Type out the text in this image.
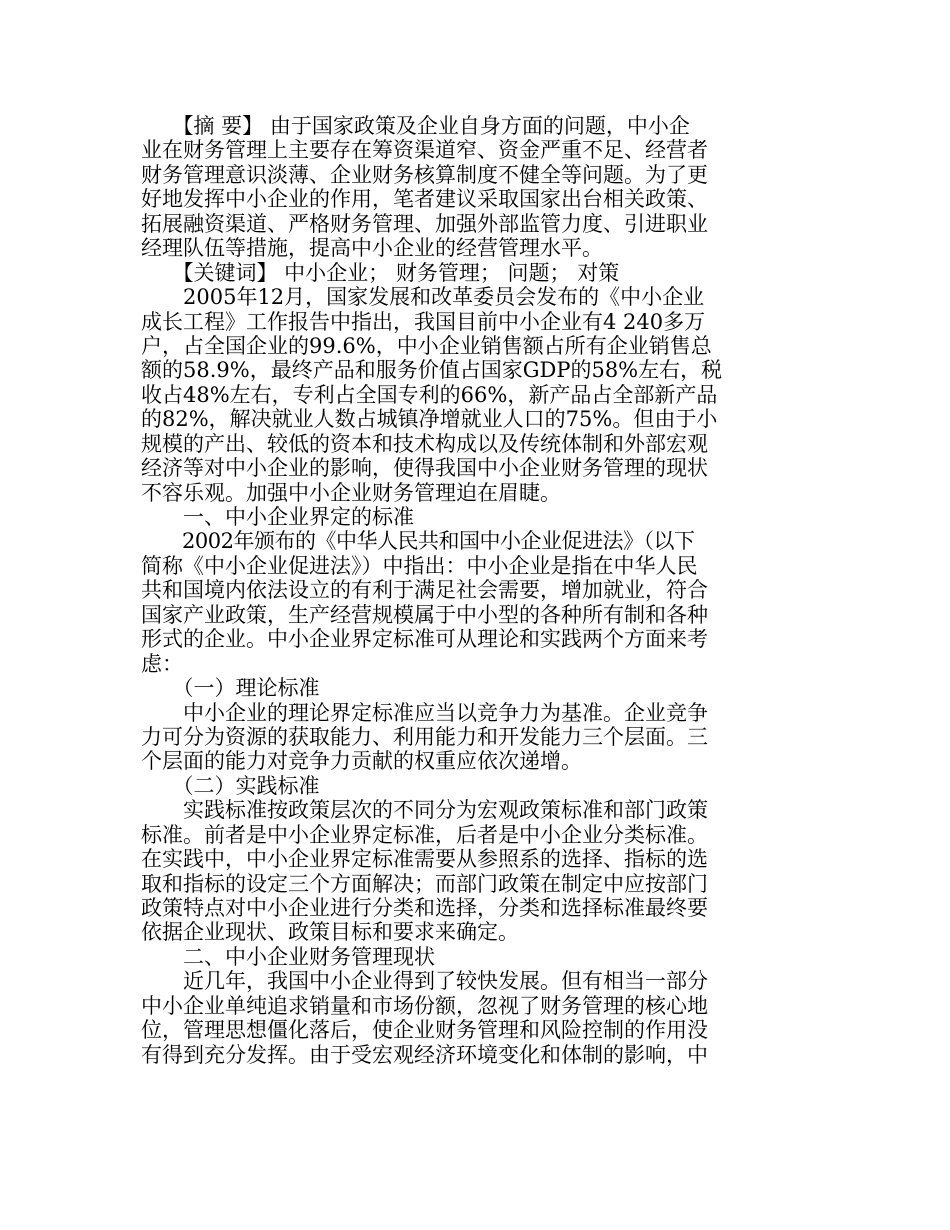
　　【摘 要】 由于国家政策及企业自身方面的问题，中小企
业在财务管理上主要存在筹资渠道窄、资金严重不足、经营者
财务管理意识淡薄、企业财务核算制度不健全等问题。为了更
好地发挥中小企业的作用，笔者建议采取国家出台相关政策、
拓展融资渠道、严格财务管理、加强外部监管力度、引进职业
经理队伍等措施，提高中小企业的经营管理水平。
　　【关键词】 中小企业； 财务管理； 问题； 对策
　　2005年12月，国家发展和改革委员会发布的《中小企业
成长工程》工作报告中指出，我国目前中小企业有4 240多万
户，占全国企业的99.6%，中小企业销售额占所有企业销售总
额的58.9%，最终产品和服务价值占国家GDP的58%左右，税
收占48%左右，专利占全国专利的66%，新产品占全部新产品
的82%，解决就业人数占城镇净增就业人口的75%。但由于小
规模的产出、较低的资本和技术构成以及传统体制和外部宏观
经济等对中小企业的影响，使得我国中小企业财务管理的现状
不容乐观。加强中小企业财务管理迫在眉睫。
　　一、中小企业界定的标准
　　2002年颁布的《中华人民共和国中小企业促进法》（以下
简称《中小企业促进法》）中指出：中小企业是指在中华人民
共和国境内依法设立的有利于满足社会需要，增加就业，符合
国家产业政策，生产经营规模属于中小型的各种所有制和各种
形式的企业。中小企业界定标准可从理论和实践两个方面来考
虑：
　　（一）理论标准
　　中小企业的理论界定标准应当以竞争力为基准。企业竞争
力可分为资源的获取能力、利用能力和开发能力三个层面。三
个层面的能力对竞争力贡献的权重应依次递增。
　　（二）实践标准
　　实践标准按政策层次的不同分为宏观政策标准和部门政策
标准。前者是中小企业界定标准，后者是中小企业分类标准。
在实践中，中小企业界定标准需要从参照系的选择、指标的选
取和指标的设定三个方面解决；而部门政策在制定中应按部门
政策特点对中小企业进行分类和选择，分类和选择标准最终要
依据企业现状、政策目标和要求来确定。
　　二、中小企业财务管理现状
　　近几年，我国中小企业得到了较快发展。但有相当一部分
中小企业单纯追求销量和市场份额，忽视了财务管理的核心地
位，管理思想僵化落后，使企业财务管理和风险控制的作用没
有得到充分发挥。由于受宏观经济环境变化和体制的影响，中
